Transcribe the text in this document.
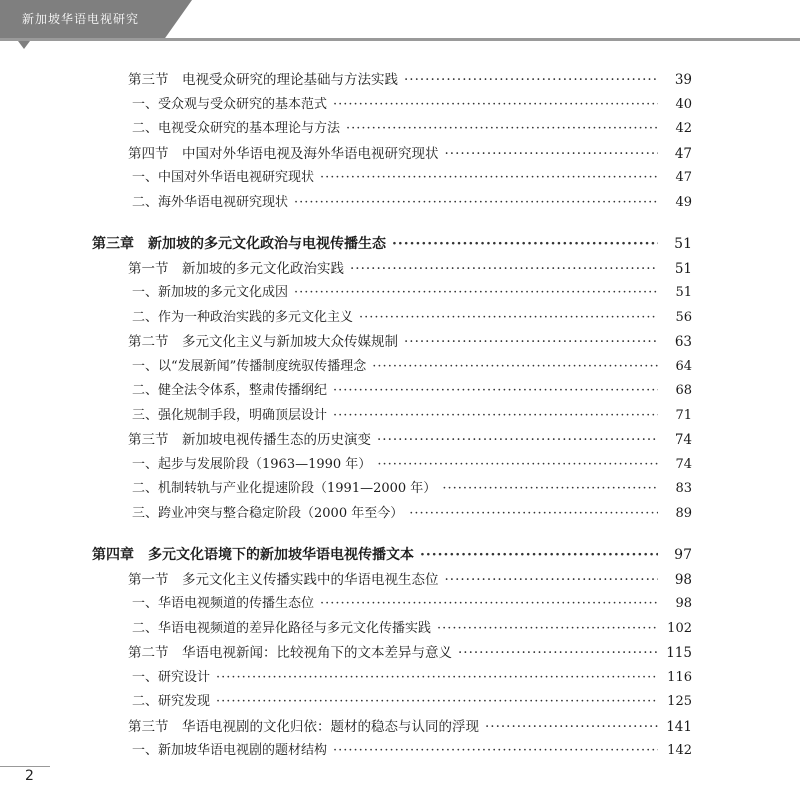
新加坡华语电视研究
第三节　电视受众研究的理论基础与方法实践 ·····	39
一、受众观与受众研究的基本范式 ·····	40
二、电视受众研究的基本理论与方法 ·····	42
第四节　中国对外华语电视及海外华语电视研究现状 ·····	47
一、中国对外华语电视研究现状 ·····	47
二、海外华语电视研究现状 ·····	49
第三章　新加坡的多元文化政治与电视传播生态 ·····	51
第一节　新加坡的多元文化政治实践 ·····	51
一、新加坡的多元文化成因 ·····	51
二、作为一种政治实践的多元文化主义 ·····	56
第二节　多元文化主义与新加坡大众传媒规制 ·····	63
一、以“发展新闻”传播制度统驭传播理念 ·····	64
二、健全法令体系，整肃传播纲纪 ·····	68
三、强化规制手段，明确顶层设计 ·····	71
第三节　新加坡电视传播生态的历史演变 ·····	74
一、起步与发展阶段（1963—1990 年） ·····	74
二、机制转轨与产业化提速阶段（1991—2000 年） ·····	83
三、跨业冲突与整合稳定阶段（2000 年至今） ·····	89
第四章　多元文化语境下的新加坡华语电视传播文本 ·····	97
第一节　多元文化主义传播实践中的华语电视生态位 ·····	98
一、华语电视频道的传播生态位 ·····	98
二、华语电视频道的差异化路径与多元文化传播实践 ·····	102
第二节　华语电视新闻：比较视角下的文本差异与意义 ·····	115
一、研究设计 ·····	116
二、研究发现 ·····	125
第三节　华语电视剧的文化归依：题材的稳态与认同的浮现 ·····	141
一、新加坡华语电视剧的题材结构 ·····	142
2
